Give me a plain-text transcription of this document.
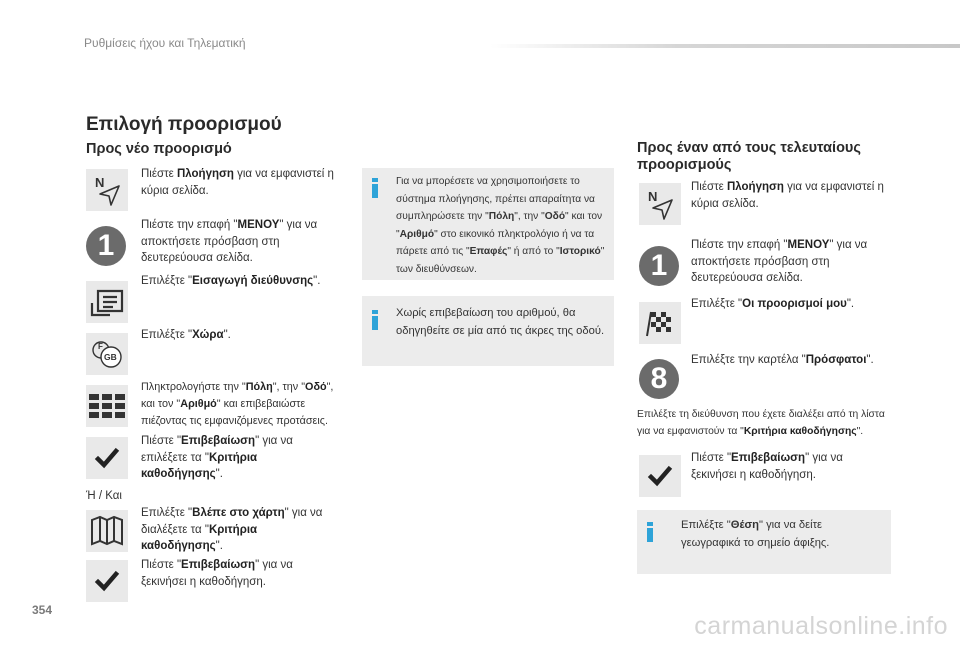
Ρυθμίσεις ήχου και Τηλεματική
Επιλογή προορισμού
Προς νέο προορισμό
N
Πιέστε Πλοήγηση για να εμφανιστεί η κύρια σελίδα.
1
Πιέστε την επαφή "ΜΕΝΟΥ" για να αποκτήσετε πρόσβαση στη δευτερεύουσα σελίδα.
Επιλέξτε "Εισαγωγή διεύθυνσης".
F
GB
Επιλέξτε "Χώρα".
Πληκτρολογήστε την "Πόλη", την "Οδό", και τον "Αριθμό" και επιβεβαιώστε πιέζοντας τις εμφανιζόμενες προτάσεις.
Πιέστε "Επιβεβαίωση" για να επιλέξετε τα "Κριτήρια καθοδήγησης".
Ή / Και
Επιλέξτε "Βλέπε στο χάρτη" για να διαλέξετε τα "Κριτήρια καθοδήγησης".
Πιέστε "Επιβεβαίωση" για να ξεκινήσει η καθοδήγηση.
Για να μπορέσετε να χρησιμοποιήσετε το σύστημα πλοήγησης, πρέπει απαραίτητα να συμπληρώσετε την "Πόλη", την "Οδό" και τον "Αριθμό" στο εικονικό πληκτρολόγιο ή να τα πάρετε από τις "Επαφές" ή από το "Ιστορικό" των διευθύνσεων.
Χωρίς επιβεβαίωση του αριθμού, θα οδηγηθείτε σε μία από τις άκρες της οδού.
Προς έναν από τους τελευταίους προορισμούς
N
Πιέστε Πλοήγηση για να εμφανιστεί η κύρια σελίδα.
1
Πιέστε την επαφή "ΜΕΝΟΥ" για να αποκτήσετε πρόσβαση στη δευτερεύουσα σελίδα.
Επιλέξτε "Οι προορισμοί μου".
8
Επιλέξτε την καρτέλα "Πρόσφατοι".
Επιλέξτε τη διεύθυνση που έχετε διαλέξει από τη λίστα για να εμφανιστούν τα "Κριτήρια καθοδήγησης".
Πιέστε "Επιβεβαίωση" για να ξεκινήσει η καθοδήγηση.
Επιλέξτε "Θέση" για να δείτε γεωγραφικά το σημείο άφιξης.
354
carmanualsonline.info
